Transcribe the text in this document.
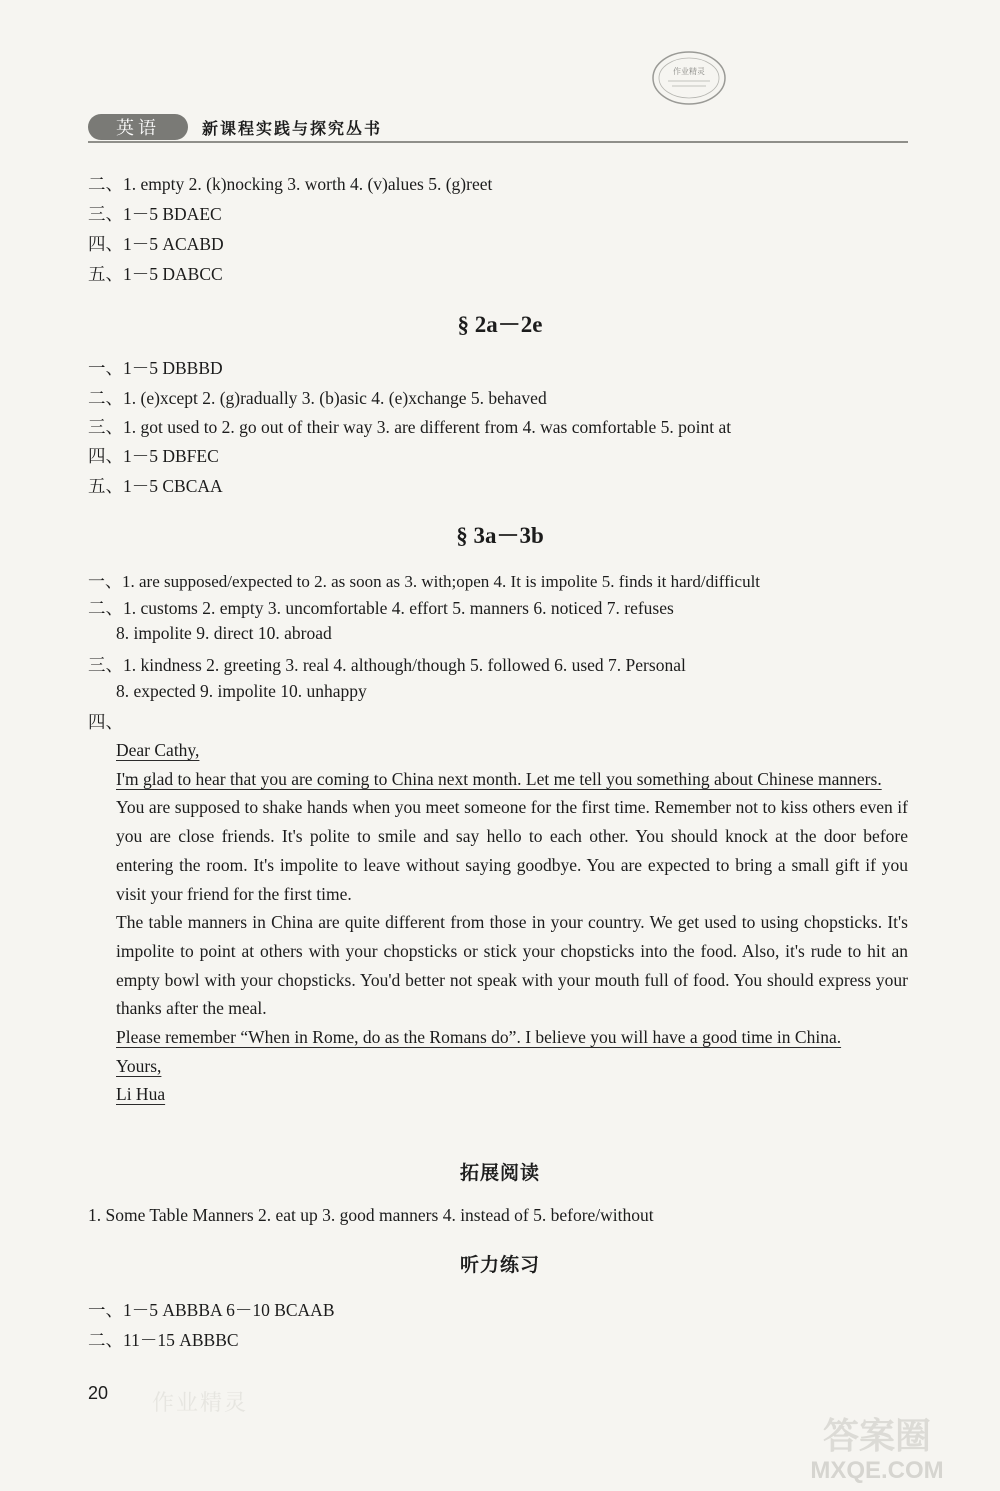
作业精灵
英语	新课程实践与探究丛书
二、1. empty 2. (k)nocking 3. worth 4. (v)alues 5. (g)reet
三、1－5 BDAEC
四、1－5 ACABD
五、1－5 DABCC
§ 2a－2e
一、1－5 DBBBD
二、1. (e)xcept 2. (g)radually 3. (b)asic 4. (e)xchange 5. behaved
三、1. got used to 2. go out of their way 3. are different from 4. was comfortable 5. point at
四、1－5 DBFEC
五、1－5 CBCAA
§ 3a－3b
一、1. are supposed/expected to 2. as soon as 3. with;open 4. It is impolite 5. finds it hard/difficult
二、1. customs 2. empty 3. uncomfortable 4. effort 5. manners 6. noticed 7. refuses
8. impolite 9. direct 10. abroad
三、1. kindness 2. greeting 3. real 4. although/though 5. followed 6. used 7. Personal
8. expected 9. impolite 10. unhappy
四、

Dear Cathy,

I'm glad to hear that you are coming to China next month. Let me tell you something about Chinese manners.

You are supposed to shake hands when you meet someone for the first time. Remember not to kiss others even if you are close friends. It's polite to smile and say hello to each other. You should knock at the door before entering the room. It's impolite to leave without saying goodbye. You are expected to bring a small gift if you visit your friend for the first time.

The table manners in China are quite different from those in your country. We get used to using chopsticks. It's impolite to point at others with your chopsticks or stick your chopsticks into the food. Also, it's rude to hit an empty bowl with your chopsticks. You'd better not speak with your mouth full of food. You should express your thanks after the meal.

Please remember “When in Rome, do as the Romans do”. I believe you will have a good time in China.

Yours,

Li Hua

拓展阅读
1. Some Table Manners 2. eat up 3. good manners 4. instead of 5. before/without
听力练习
一、1－5 ABBBA 6－10 BCAAB
二、11－15 ABBBC
20 作业精灵
答案圈
MXQE.COM
